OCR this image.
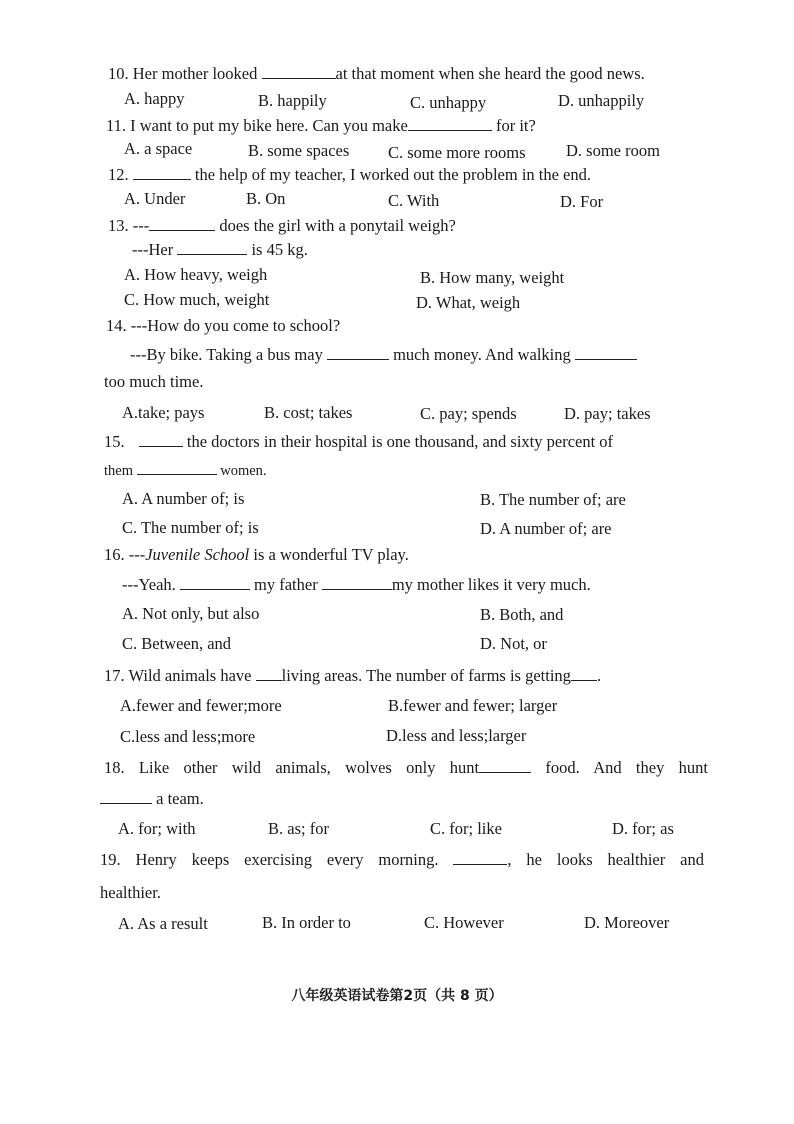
10. Her mother looked	at that moment when she heard the good news.
A. happy	B. happily	C. unhappy	D. unhappily
11. I want to put my bike here. Can you make	for it?
A. a space	B. some spaces C. some more rooms D. some room
12.	the help of my teacher, I worked out the problem in the end.
A. Under	B. On	C. With	D. For
13. ---	does the girl with a ponytail weigh?
---Her	is 45 kg.
A. How heavy, weigh	B. How many, weight
C. How much, weight	D. What, weigh
14. ---How do you come to school?
---By bike. Taking a bus may	much money. And walking
too much time.
A.take; pays	B. cost; takes	C. pay; spends	D. pay; takes
15.	the doctors in their hospital is one thousand, and sixty percent of
them	women.
A. A number of; is	B. The number of; are
C. The number of; is	D. A number of; are
16. ---Juvenile School is a wonderful TV play.
---Yeah.	my father	my mother likes it very much.
A. Not only, but also	B. Both, and
C. Between, and	D. Not, or
17. Wild animals have living areas. The number of farms is getting .
A.fewer and fewer;more	B.fewer and fewer; larger
C.less and less;more	D.less and less;larger
18. Like other wild animals, wolves only hunt	food. And they hunt
a team.
A. for; with	B. as; for	C. for; like	D. for; as
19. Henry keeps exercising every morning.	, he looks healthier and
healthier.
A. As a result	B. In order to	C. However	D. Moreover
八年级英语试卷第2页（共 8 页）
